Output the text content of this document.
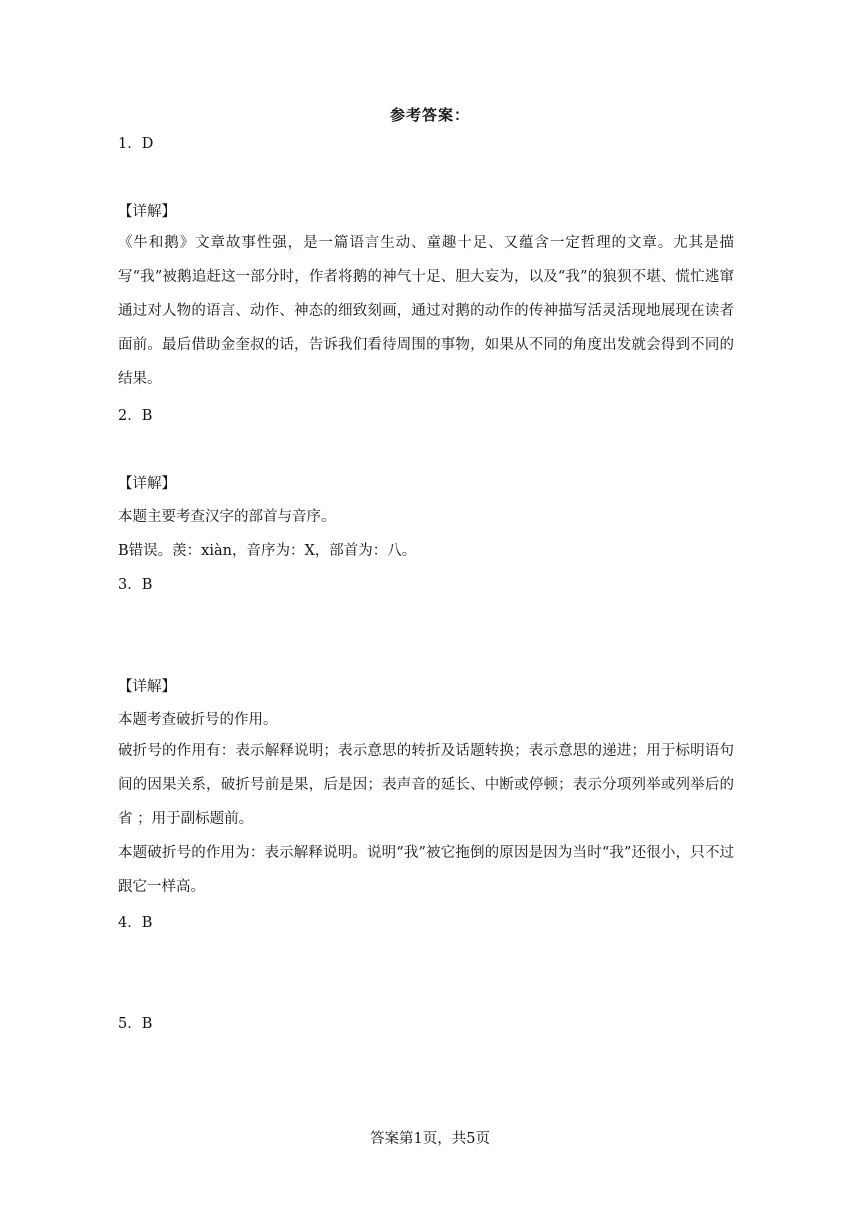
参考答案：
1．D
【详解】
《牛和鹅》文章故事性强，是一篇语言生动、童趣十足、又蕴含一定哲理的文章。尤其是描写“我”被鹅追赶这一部分时，作者将鹅的神气十足、胆大妄为，以及“我”的狼狈不堪、慌忙逃窜通过对人物的语言、动作、神态的细致刻画，通过对鹅的动作的传神描写活灵活现地展现在读者面前。最后借助金奎叔的话，告诉我们看待周围的事物，如果从不同的角度出发就会得到不同的结果。
2．B
【详解】
本题主要考查汉字的部首与音序。
B错误。羡：xiàn，音序为：X，部首为：八。
3．B
【详解】
本题考查破折号的作用。
破折号的作用有：表示解释说明；表示意思的转折及话题转换；表示意思的递进；用于标明语句间的因果关系，破折号前是果，后是因；表声音的延长、中断或停顿；表示分项列举或列举后的省 ；用于副标题前。
本题破折号的作用为：表示解释说明。说明“我”被它拖倒的原因是因为当时“我”还很小，只不过跟它一样高。
4．B
5．B
答案第1页，共5页
